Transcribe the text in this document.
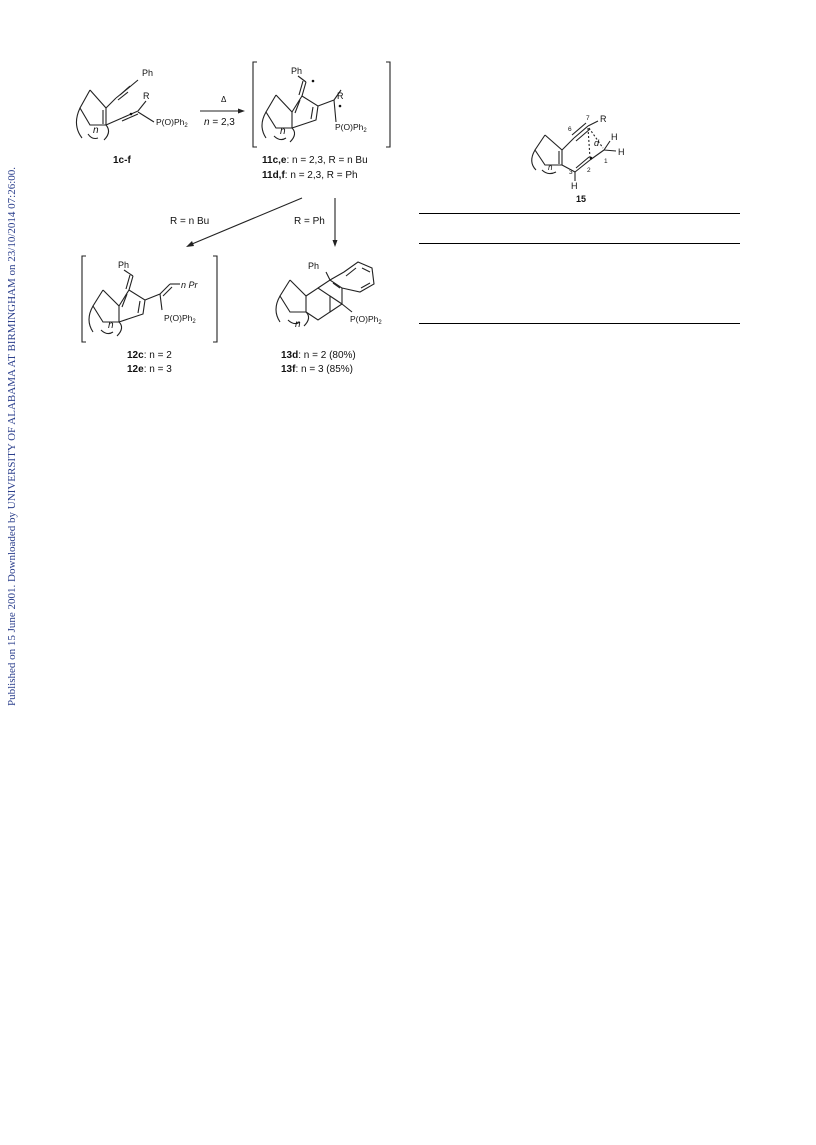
Published on 15 June 2001. Downloaded by UNIVERSITY OF ALABAMA AT BIRMINGHAM on 23/10/2014 07:26:00.
Ph
R
$P(O)Ph_2$
n
1c-f
Δ
n = 2,3
Ph
R
$P(O)Ph_2$
n
11c,e: n = 2,3, R = n Bu
11d,f: n = 2,3, R = Ph
R = n Bu	R = Ph
Ph
n Pr
$P(O)Ph_2$
n
12c: n = 2
12e: n = 3
Ph
$P(O)Ph_2$
n
13d: n = 2 (80%)
13f: n = 3 (85%)
R
d
H
H
H
n
1
2
3
6
7
15
